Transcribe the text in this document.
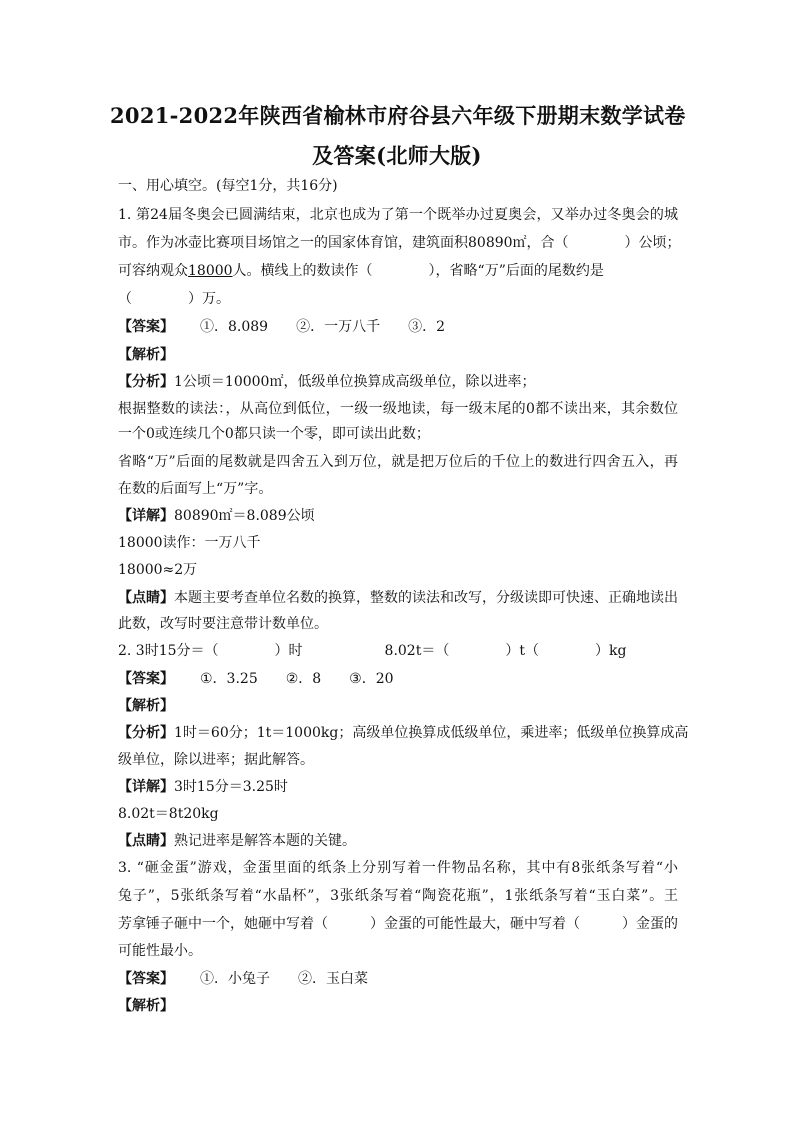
2021-2022年陕西省榆林市府谷县六年级下册期末数学试卷
及答案(北师大版)
一、用心填空。(每空1分，共16分)
1. 第24届冬奥会已圆满结束，北京也成为了第一个既举办过夏奥会，又举办过冬奥会的城
市。作为冰壶比赛项目场馆之一的国家体育馆，建筑面积80890㎡，合（　　　　）公顷；
可容纳观众18000人。横线上的数读作（　　　　），省略“万”后面的尾数约是
（　　　　）万。
【答案】 ①．8.089　　②．一万八千　　③．2
【解析】
【分析】1公顷＝10000㎡，低级单位换算成高级单位，除以进率；
根据整数的读法：，从高位到低位，一级一级地读，每一级末尾的0都不读出来，其余数位
一个0或连续几个0都只读一个零，即可读出此数；
省略“万”后面的尾数就是四舍五入到万位，就是把万位后的千位上的数进行四舍五入，再
在数的后面写上“万”字。
【详解】80890㎡＝8.089公顷
18000读作：一万八千
18000≈2万
【点睛】本题主要考查单位名数的换算，整数的读法和改写，分级读即可快速、正确地读出
此数，改写时要注意带计数单位。
2. 3时15分＝（　　　　）时	8.02t＝（　　　　）t（　　　　）kg
【答案】 ①．3.25　　②．8　　③．20
【解析】
【分析】1时＝60分；1t＝1000kg；高级单位换算成低级单位，乘进率；低级单位换算成高
级单位，除以进率；据此解答。
【详解】3时15分＝3.25时
8.02t＝8t20kg
【点睛】熟记进率是解答本题的关键。
3. “砸金蛋”游戏，金蛋里面的纸条上分别写着一件物品名称，其中有8张纸条写着“小
兔子”，5张纸条写着“水晶杯”，3张纸条写着“陶瓷花瓶”，1张纸条写着“玉白菜”。王
芳拿锤子砸中一个，她砸中写着（　　　）金蛋的可能性最大，砸中写着（　　　）金蛋的
可能性最小。
【答案】 ①．小兔子　　②．玉白菜
【解析】
